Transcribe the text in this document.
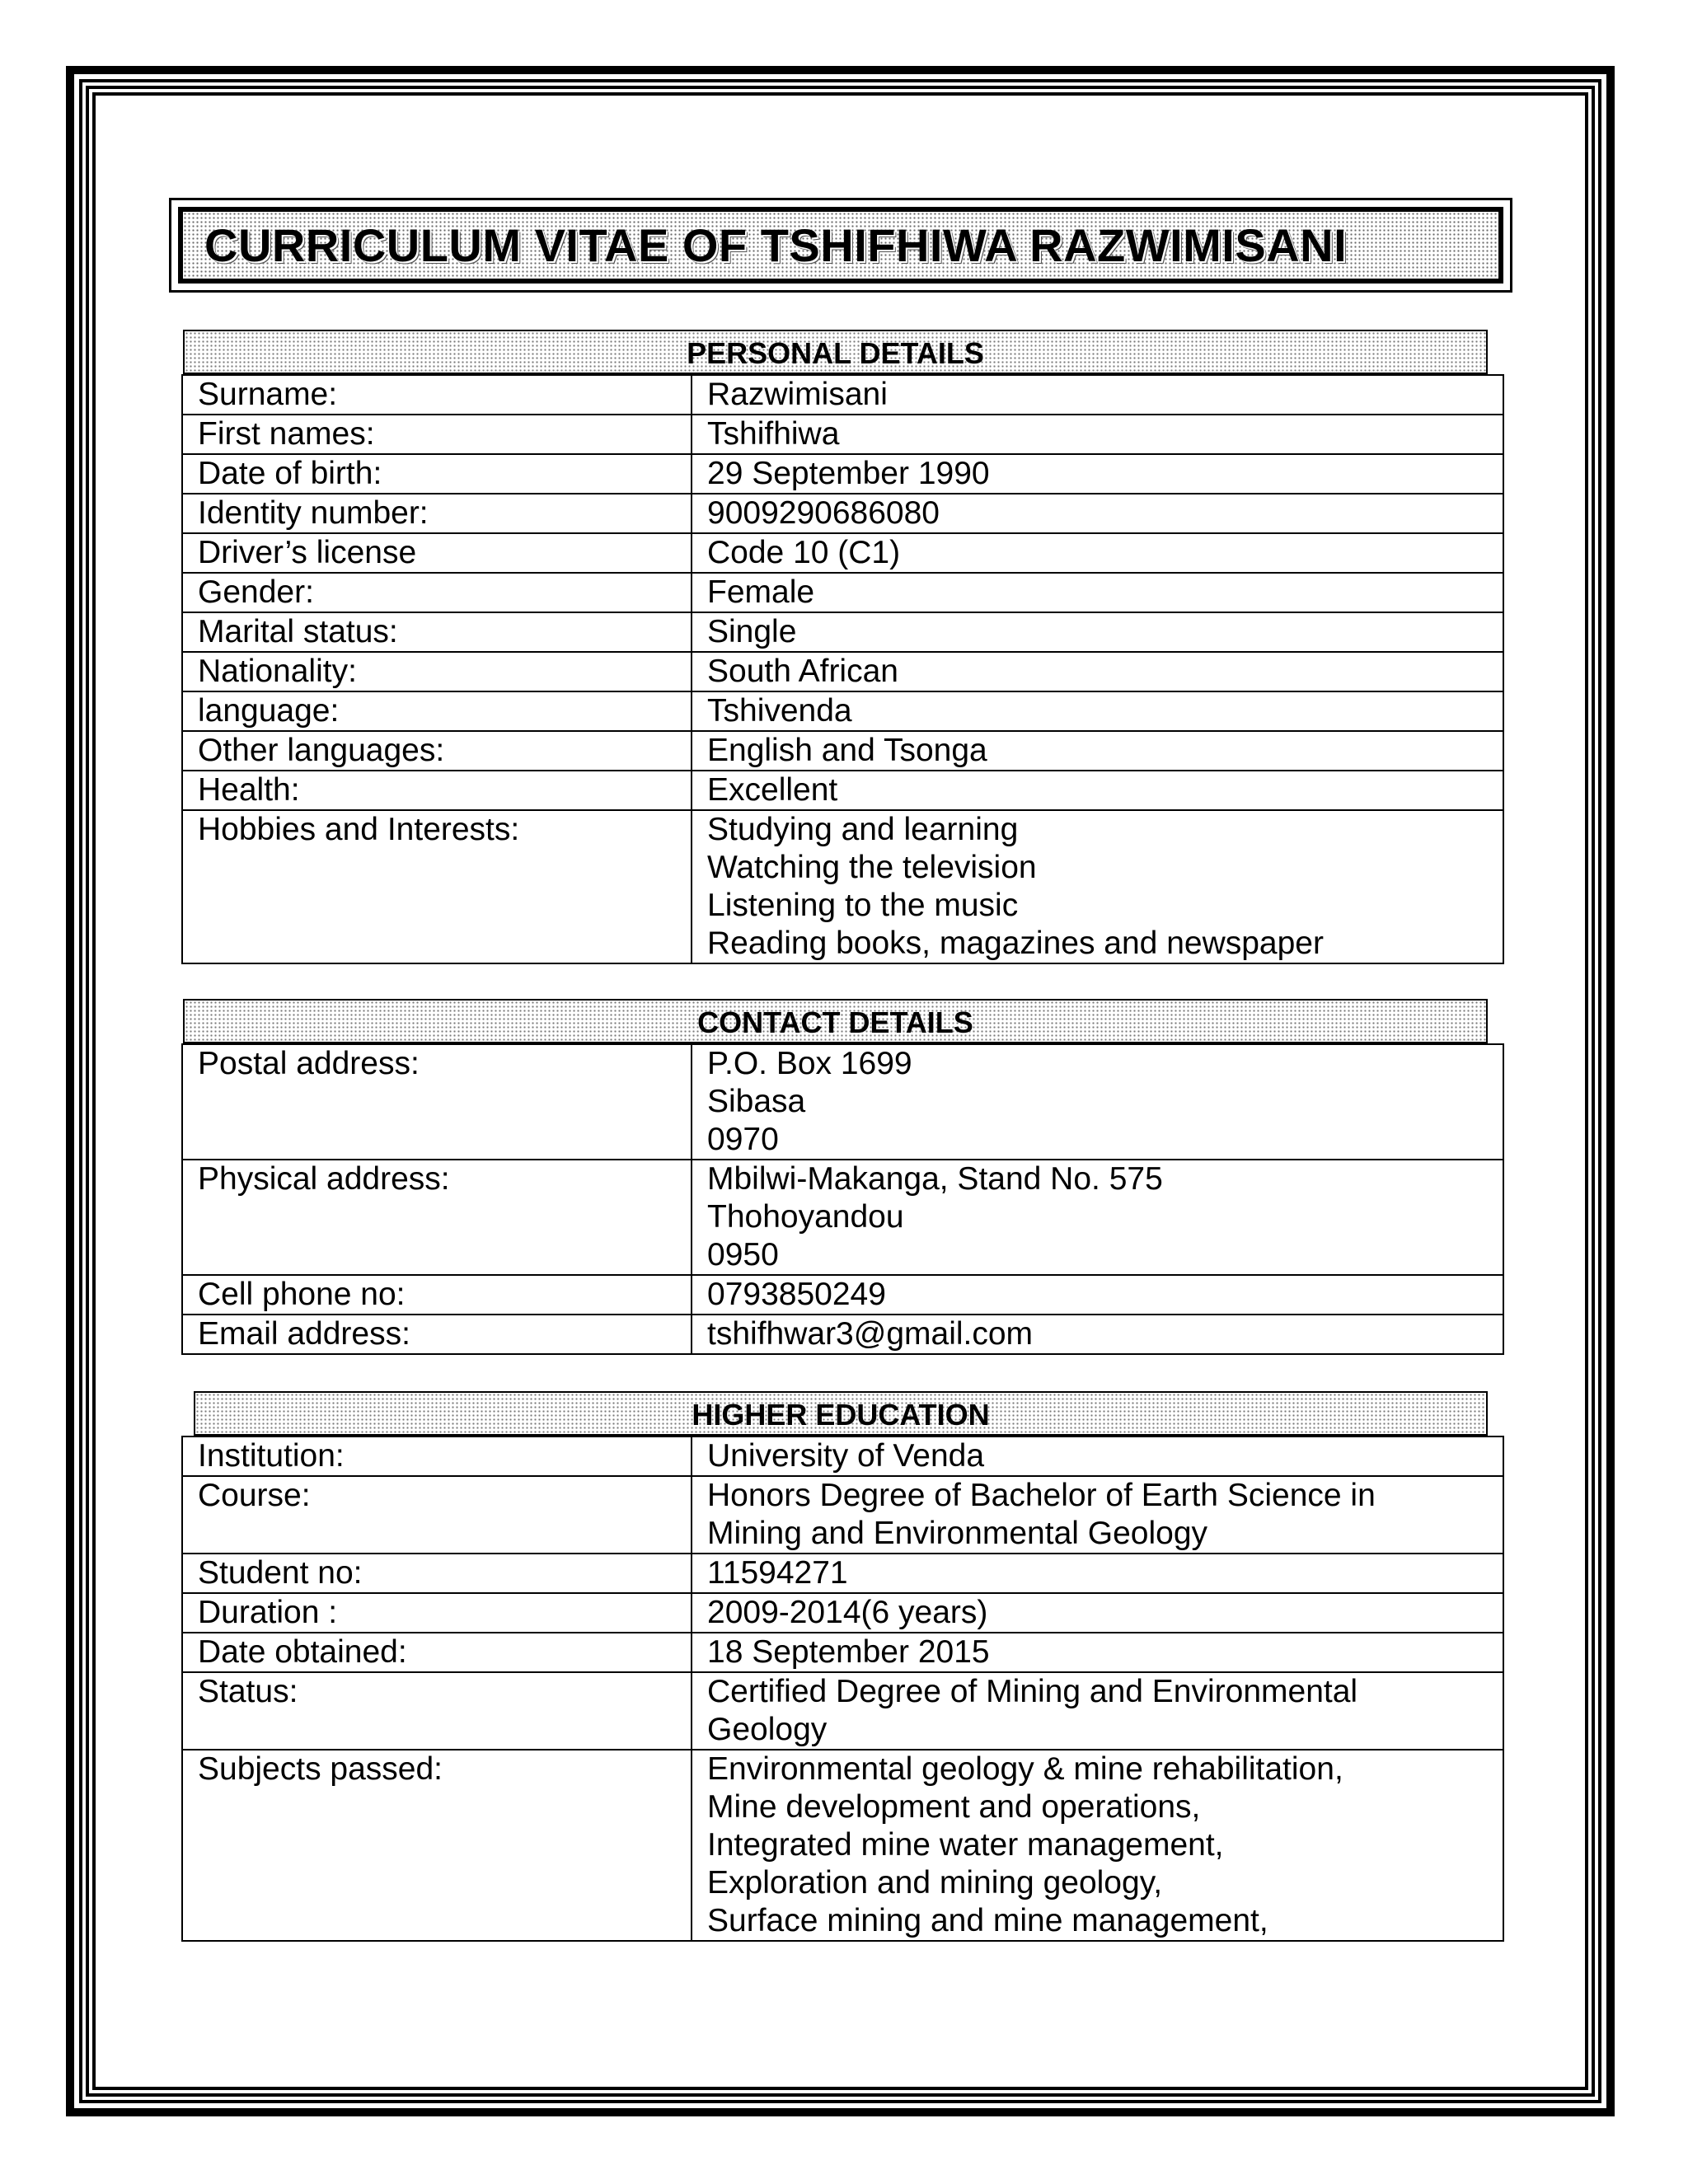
CURRICULUM VITAE OF TSHIFHIWA RAZWIMISANI
PERSONAL DETAILS
Surname:	Razwimisani

First names:	Tshifhiwa

Date of birth:	29 September 1990

Identity number:	9009290686080

Driver’s license	Code 10 (C1)

Gender:	Female

Marital status:	Single

Nationality:	South African

language:	Tshivenda

Other languages:	English and Tsonga

Health:	Excellent

Hobbies and Interests:	Studying and learning
Watching the television
Listening to the music
Reading books, magazines and newspaper
CONTACT DETAILS
Postal address:	P.O. Box 1699
Sibasa
0970

Physical address:	Mbilwi-Makanga, Stand No. 575
Thohoyandou
0950

Cell phone no:	0793850249

Email address:	tshifhwar3@gmail.com
HIGHER EDUCATION
Institution:	University of Venda

Course:	Honors Degree of Bachelor of Earth Science in
Mining and Environmental Geology

Student no:	11594271

Duration :	2009-2014(6 years)

Date obtained:	18 September 2015

Status:	Certified Degree of Mining and Environmental
Geology

Subjects passed:	Environmental geology & mine rehabilitation,
Mine development and operations,
Integrated mine water management,
Exploration and mining geology,
Surface mining and mine management,
